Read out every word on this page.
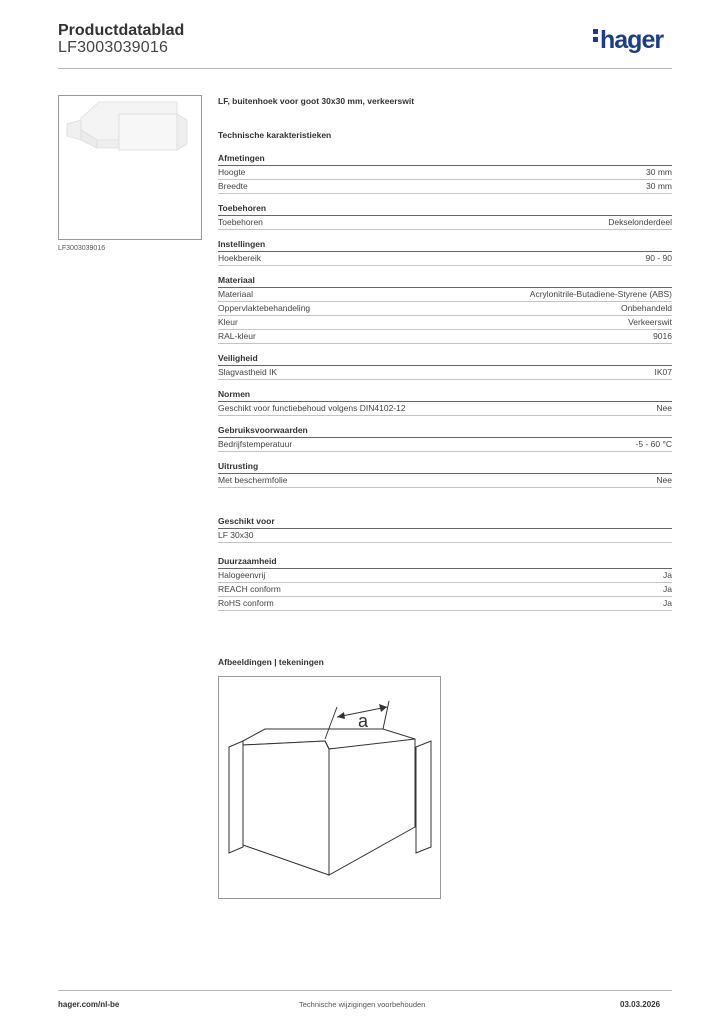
Productdatablad
LF3003039016	hager
LF3003039016
LF, buitenhoek voor goot 30x30 mm, verkeerswit
Technische karakteristieken
Afmetingen
Hoogte	30 mm
Breedte	30 mm
Toebehoren
Toebehoren	Dekselonderdeel
Instellingen
Hoekbereik	90 - 90
Materiaal
Materiaal	Acrylonitrile-Butadiene-Styrene (ABS)
Oppervlaktebehandeling	Onbehandeld
Kleur	Verkeerswit
RAL-kleur	9016
Veiligheid
Slagvastheid IK	IK07
Normen
Geschikt voor functiebehoud volgens DIN4102-12	Nee
Gebruiksvoorwaarden
Bedrijfstemperatuur	-5 - 60 °C
Uitrusting
Met beschermfolie	Nee
Geschikt voor
LF 30x30
Duurzaamheid
Halogeenvrij	Ja
REACH conform	Ja
RoHS conform	Ja
Afbeeldingen | tekeningen
a
hager.com/nl-be	Technische wijzigingen voorbehouden	03.03.2026
